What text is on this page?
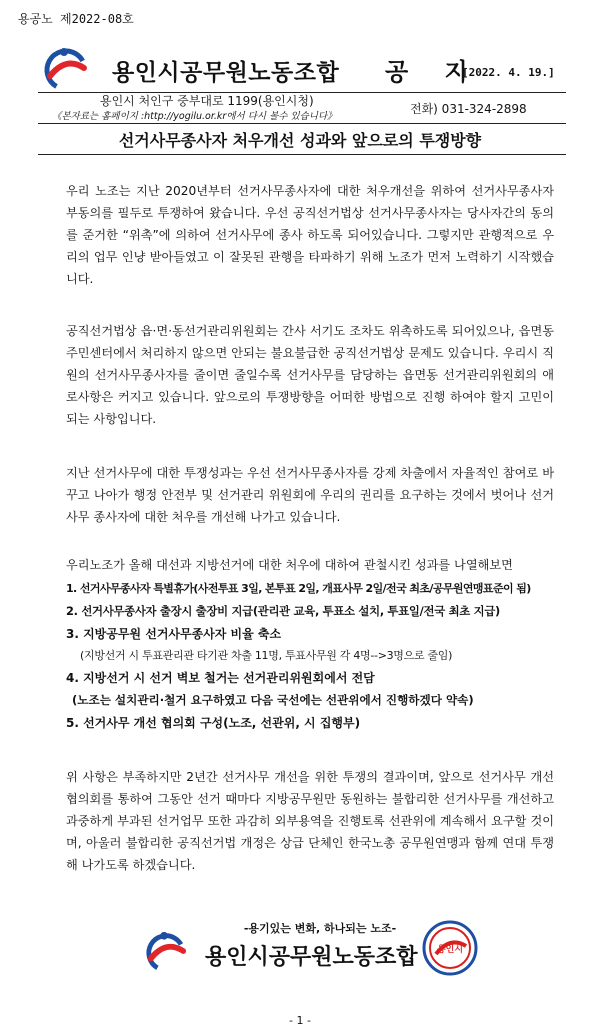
용공노 제2022-08호
용인시공무원노동조합 공 지
[2022. 4. 19.]
용인시 처인구 중부대로 1199(용인시청)
《본자료는 홈페이지 :http://yogilu.or.kr에서 다시 볼수 있습니다》
전화) 031-324-2898
선거사무종사자 처우개선 성과와 앞으로의 투쟁방향

우리 노조는 지난 2020년부터 선거사무종사자에 대한 처우개선을 위하여 선거사무종사자 부동의를 필두로 투쟁하여 왔습니다. 우선 공직선거법상 선거사무종사자는 당사자간의 동의를 준거한 “위촉”에 의하여 선거사무에 종사 하도록 되어있습니다. 그렇지만 관행적으로 우리의 업무 인냥 받아들였고 이 잘못된 관행을 타파하기 위해 노조가 먼저 노력하기 시작했습니다.

공직선거법상 읍·면·동선거관리위원회는 간사 서기도 조차도 위촉하도록 되어있으나, 읍면동 주민센터에서 처리하지 않으면 안되는 불요불급한 공직선거법상 문제도 있습니다. 우리시 직원의 선거사무종사자를 줄이면 줄일수록 선거사무를 담당하는 읍면동 선거관리위원회의 애로사항은 커지고 있습니다. 앞으로의 투쟁방향을 어떠한 방법으로 진행 하여야 할지 고민이 되는 사항입니다.

지난 선거사무에 대한 투쟁성과는 우선 선거사무종사자를 강제 차출에서 자율적인 참여로 바꾸고 나아가 행정 안전부 및 선거관리 위원회에 우리의 권리를 요구하는 것에서 벗어나 선거사무 종사자에 대한 처우를 개선해 나가고 있습니다.

우리노조가 올해 대선과 지방선거에 대한 처우에 대하여 관철시킨 성과를 나열해보면
1. 선거사무종사자 특별휴가(사전투표 3일, 본투표 2일, 개표사무 2일/전국 최초/공무원연맹표준이 됨)
2. 선거사무종사자 출장시 출장비 지급(관리관 교육, 투표소 설치, 투표일/전국 최초 지급)
3. 지방공무원 선거사무종사자 비율 축소
(지방선거 시 투표관리관 타기관 차출 11명, 투표사무원 각 4명-->3명으로 줄임)
4. 지방선거 시 선거 벽보 철거는 선거관리위원회에서 전담
(노조는 설치관리·철거 요구하였고 다음 국선에는 선관위에서 진행하겠다 약속)
5. 선거사무 개선 협의회 구성(노조, 선관위, 시 집행부)

위 사항은 부족하지만 2년간 선거사무 개선을 위한 투쟁의 결과이며, 앞으로 선거사무 개선 협의회를 통하여 그동안 선거 때마다 지방공무원만 동원하는 불합리한 선거사무를 개선하고 과중하게 부과된 선거업무 또한 과감히 외부용역을 진행토록 선관위에 계속해서 요구할 것이며, 아울러 불합리한 공직선거법 개정은 상급 단체인 한국노총 공무원연맹과 함께 연대 투쟁해 나가도록 하겠습니다.

-용기있는 변화, 하나되는 노조-
용인시공무원노동조합 용인시
- 1 -
